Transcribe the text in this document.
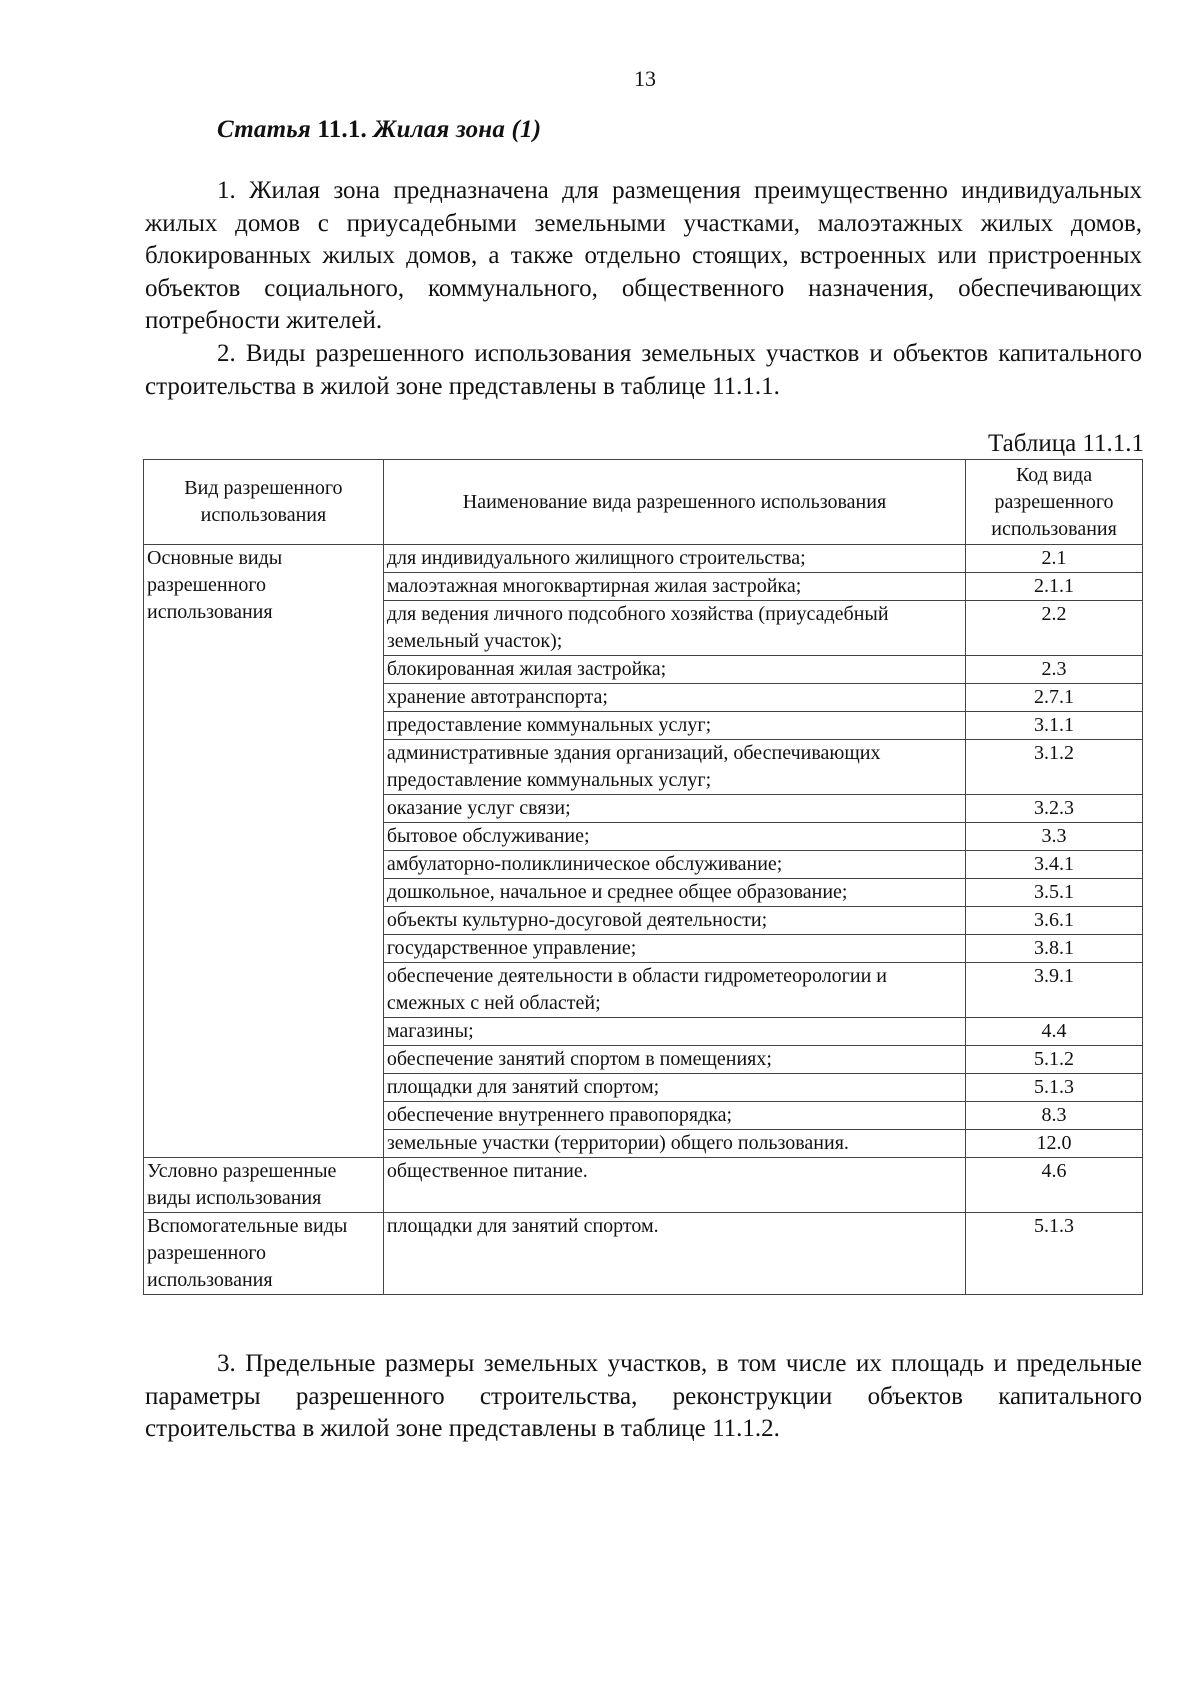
13
Статья 11.1. Жилая зона (1)

1. Жилая зона предназначена для размещения преимущественно индивидуальных жилых домов с приусадебными земельными участками, малоэтажных жилых домов, блокированных жилых домов, а также отдельно стоящих, встроенных или пристроенных объектов социального, коммунального, общественного назначения, обеспечивающих потребности жителей.

2. Виды разрешенного использования земельных участков и объектов капитального строительства в жилой зоне представлены в таблице 11.1.1.

Таблица 11.1.1
Вид разрешенного использования	Наименование вида разрешенного использования	Код вида разрешенного использования
Основные виды разрешенного использования	для индивидуального жилищного строительства;	2.1
	малоэтажная многоквартирная жилая застройка;	2.1.1
	для ведения личного подсобного хозяйства (приусадебный земельный участок);	2.2
	блокированная жилая застройка;	2.3
	хранение автотранспорта;	2.7.1
	предоставление коммунальных услуг;	3.1.1
	административные здания организаций, обеспечивающих предоставление коммунальных услуг;	3.1.2
	оказание услуг связи;	3.2.3
	бытовое обслуживание;	3.3
	амбулаторно-поликлиническое обслуживание;	3.4.1
	дошкольное, начальное и среднее общее образование;	3.5.1
	объекты культурно-досуговой деятельности;	3.6.1
	государственное управление;	3.8.1
	обеспечение деятельности в области гидрометеорологии и смежных с ней областей;	3.9.1
	магазины;	4.4
	обеспечение занятий спортом в помещениях;	5.1.2
	площадки для занятий спортом;	5.1.3
	обеспечение внутреннего правопорядка;	8.3
	земельные участки (территории) общего пользования.	12.0
Условно разрешенные виды использования	общественное питание.	4.6
Вспомогательные виды разрешенного использования	площадки для занятий спортом.	5.1.3

3. Предельные размеры земельных участков, в том числе их площадь и предельные параметры разрешенного строительства, реконструкции объектов капитального строительства в жилой зоне представлены в таблице 11.1.2.
